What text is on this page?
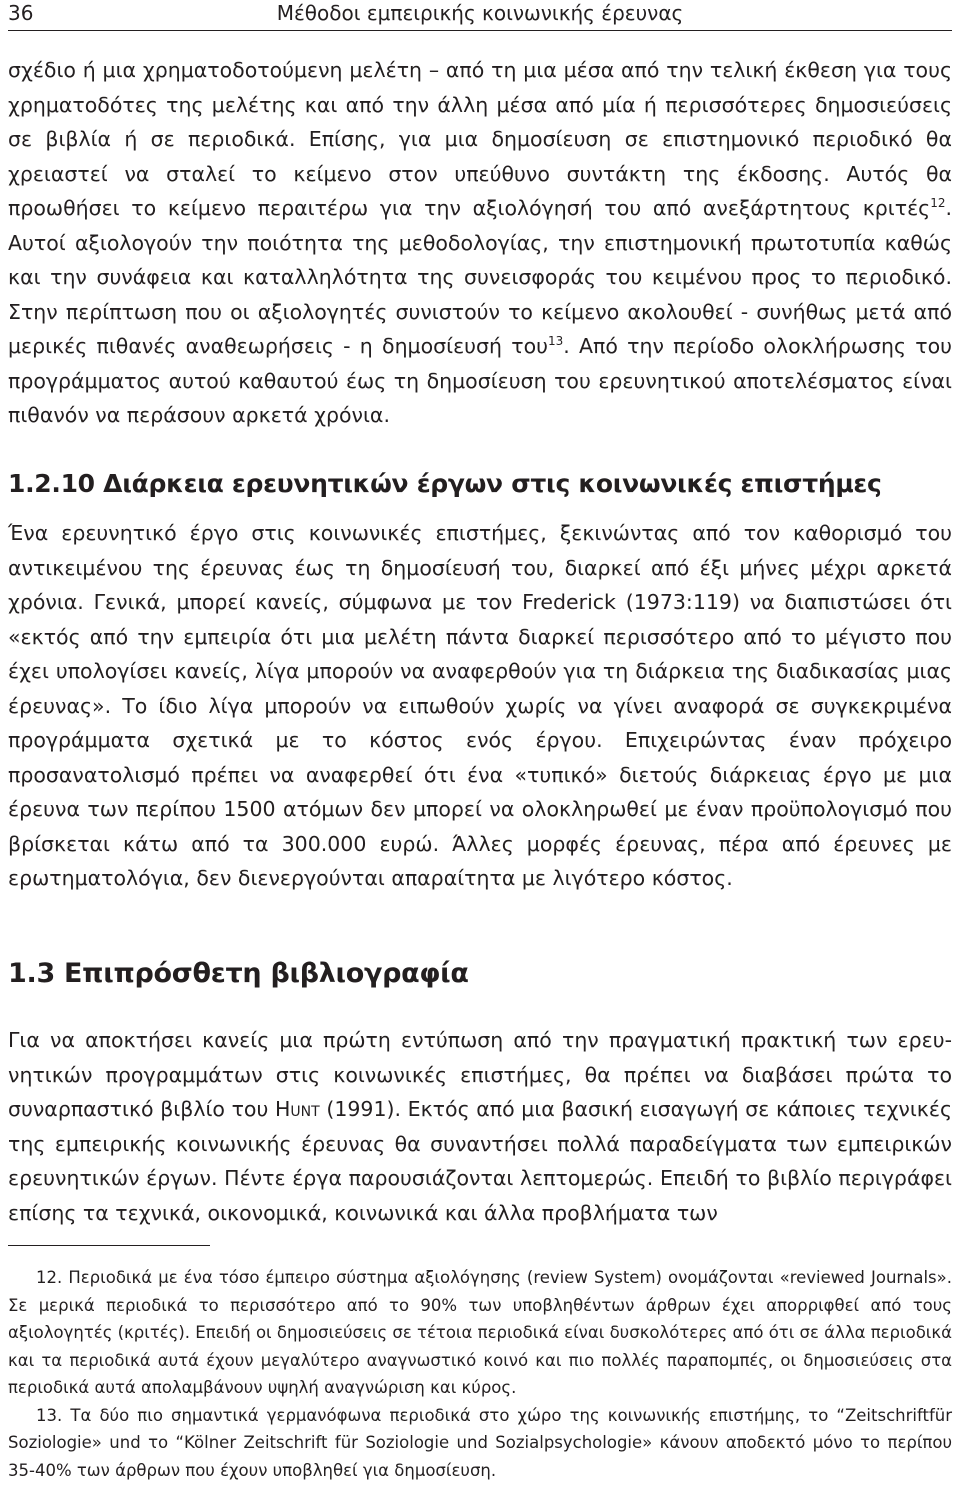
36	Μέθοδοι εμπειρικής κοινωνικής έρευνας

σχέδιο ή μια χρηματοδοτούμενη μελέτη – από τη μια μέσα από την τελική έκθεση για τους χρηματοδότες της μελέτης και από την άλλη μέσα από μία ή περισσότερες δημοσιεύσεις σε βιβλία ή σε περιοδικά. Επίσης, για μια δημοσίευση σε επιστημονικό περιοδικό θα χρειαστεί να σταλεί το κείμενο στον υπεύθυνο συντάκτη της έκδοσης. Αυτός θα προωθήσει το κείμενο περαιτέρω για την αξιολόγησή του από ανεξάρτητους κριτές$^{12}$. Αυτοί αξιολογούν την ποιότητα της μεθοδολογίας, την επιστημονική πρωτοτυπία καθώς και την συνάφεια και καταλληλότητα της συνεισφοράς του κειμένου προς το περιοδικό. Στην περίπτωση που οι αξιολογητές συνιστούν το κείμενο ακολουθεί - συνήθως μετά από μερικές πιθανές αναθεωρήσεις - η δημοσίευσή του$^{13}$. Από την περίοδο ολοκλήρωσης του προγράμματος αυτού καθαυτού έως τη δημοσίευση του ερευνητικού αποτελέσματος είναι πιθανόν να περάσουν αρκετά χρόνια.

1.2.10 Διάρκεια ερευνητικών έργων στις κοινωνικές επιστήμες

Ένα ερευνητικό έργο στις κοινωνικές επιστήμες, ξεκινώντας από τον καθορισμό του αντικειμένου της έρευνας έως τη δημοσίευσή του, διαρκεί από έξι μήνες μέχρι αρκετά χρόνια. Γενικά, μπορεί κανείς, σύμφωνα με τον Frederick (1973:119) να διαπιστώσει ότι «εκτός από την εμπειρία ότι μια μελέτη πάντα διαρκεί περισσότερο από το μέγιστο που έχει υπολογίσει κανείς, λίγα μπορούν να αναφερθούν για τη διάρκεια της διαδικασίας μιας έρευνας». Το ίδιο λίγα μπορούν να ειπωθούν χωρίς να γίνει αναφορά σε συγκεκριμένα προγράμματα σχετικά με το κόστος ενός έργου. Επιχειρώντας έναν πρόχειρο προσανατολισμό πρέπει να αναφερθεί ότι ένα «τυπικό» διετούς διάρκειας έργο με μια έρευνα των περίπου 1500 ατόμων δεν μπορεί να ολοκληρωθεί με έναν προϋπολογισμό που βρίσκεται κάτω από τα 300.000 ευρώ. Άλλες μορφές έρευνας, πέρα από έρευνες με ερωτηματολόγια, δεν διενεργούνται απαραίτητα με λιγότερο κόστος.

1.3 Επιπρόσθετη βιβλιογραφία

Για να αποκτήσει κανείς μια πρώτη εντύπωση από την πραγματική πρακτική των ερευνητικών προγραμμάτων στις κοινωνικές επιστήμες, θα πρέπει να διαβάσει πρώτα το συναρπαστικό βιβλίο του Hunt (1991). Εκτός από μια βασική εισαγωγή σε κάποιες τεχνικές της εμπειρικής κοινωνικής έρευνας θα συναντήσει πολλά παραδείγματα των εμπειρικών ερευνητικών έργων. Πέντε έργα παρουσιάζονται λεπτομερώς. Επειδή το βιβλίο περιγράφει επίσης τα τεχνικά, οικονομικά, κοινωνικά και άλλα προβλήματα των

12. Περιοδικά με ένα τόσο έμπειρο σύστημα αξιολόγησης (review System) ονομάζονται «reviewed Journals». Σε μερικά περιοδικά το περισσότερο από το 90% των υποβληθέντων άρθρων έχει απορριφθεί από τους αξιολογητές (κριτές). Επειδή οι δημοσιεύσεις σε τέτοια περιοδικά είναι δυσκολότερες από ότι σε άλλα περιοδικά και τα περιοδικά αυτά έχουν μεγαλύτερο αναγνωστικό κοινό και πιο πολλές παραπομπές, οι δημοσιεύσεις στα περιοδικά αυτά απολαμβάνουν υψηλή αναγνώριση και κύρος.

13. Τα δύο πιο σημαντικά γερμανόφωνα περιοδικά στο χώρο της κοινωνικής επιστήμης, το “Zeitschriftfür Soziologie» und το “Kölner Zeitschrift für Soziologie und Sozialpsychologie» κάνουν αποδεκτό μόνο το περίπου 35-40% των άρθρων που έχουν υποβληθεί για δημοσίευση.
